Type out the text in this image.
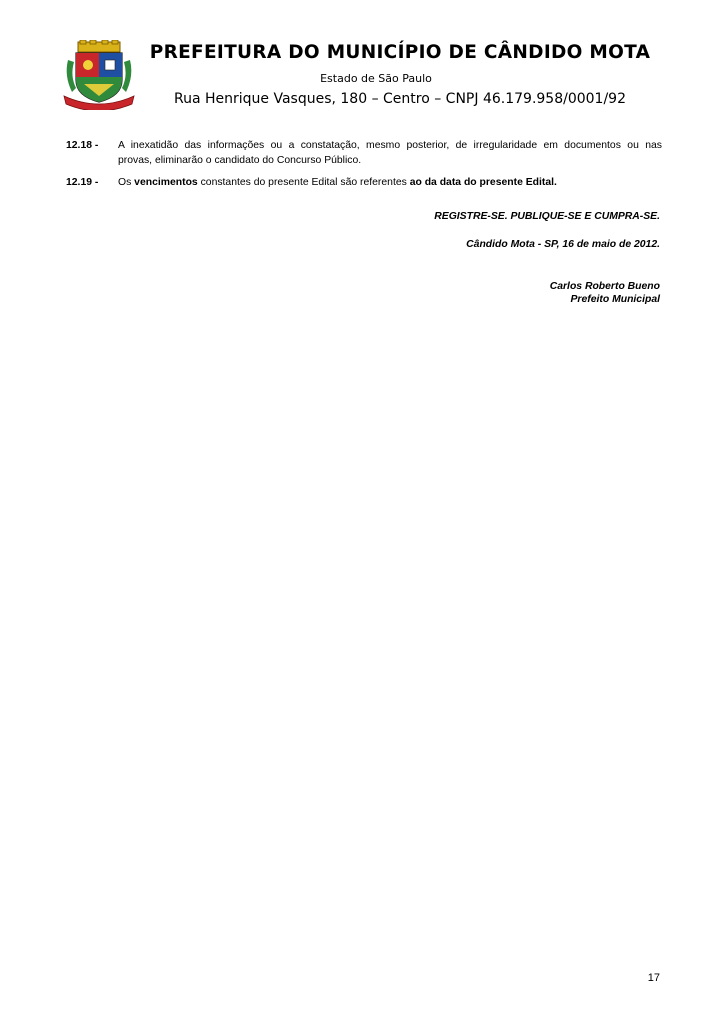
PREFEITURA DO MUNICÍPIO DE CÂNDIDO MOTA
Estado de São Paulo
Rua Henrique Vasques, 180 – Centro – CNPJ 46.179.958/0001/92
12.18 - A inexatidão das informações ou a constatação, mesmo posterior, de irregularidade em documentos ou nas
provas, eliminarão o candidato do Concurso Público.
12.19 - Os vencimentos constantes do presente Edital são referentes ao da data do presente Edital.
REGISTRE-SE. PUBLIQUE-SE E CUMPRA-SE.
Cândido Mota - SP, 16 de maio de 2012.
Carlos Roberto Bueno
Prefeito Municipal
17
